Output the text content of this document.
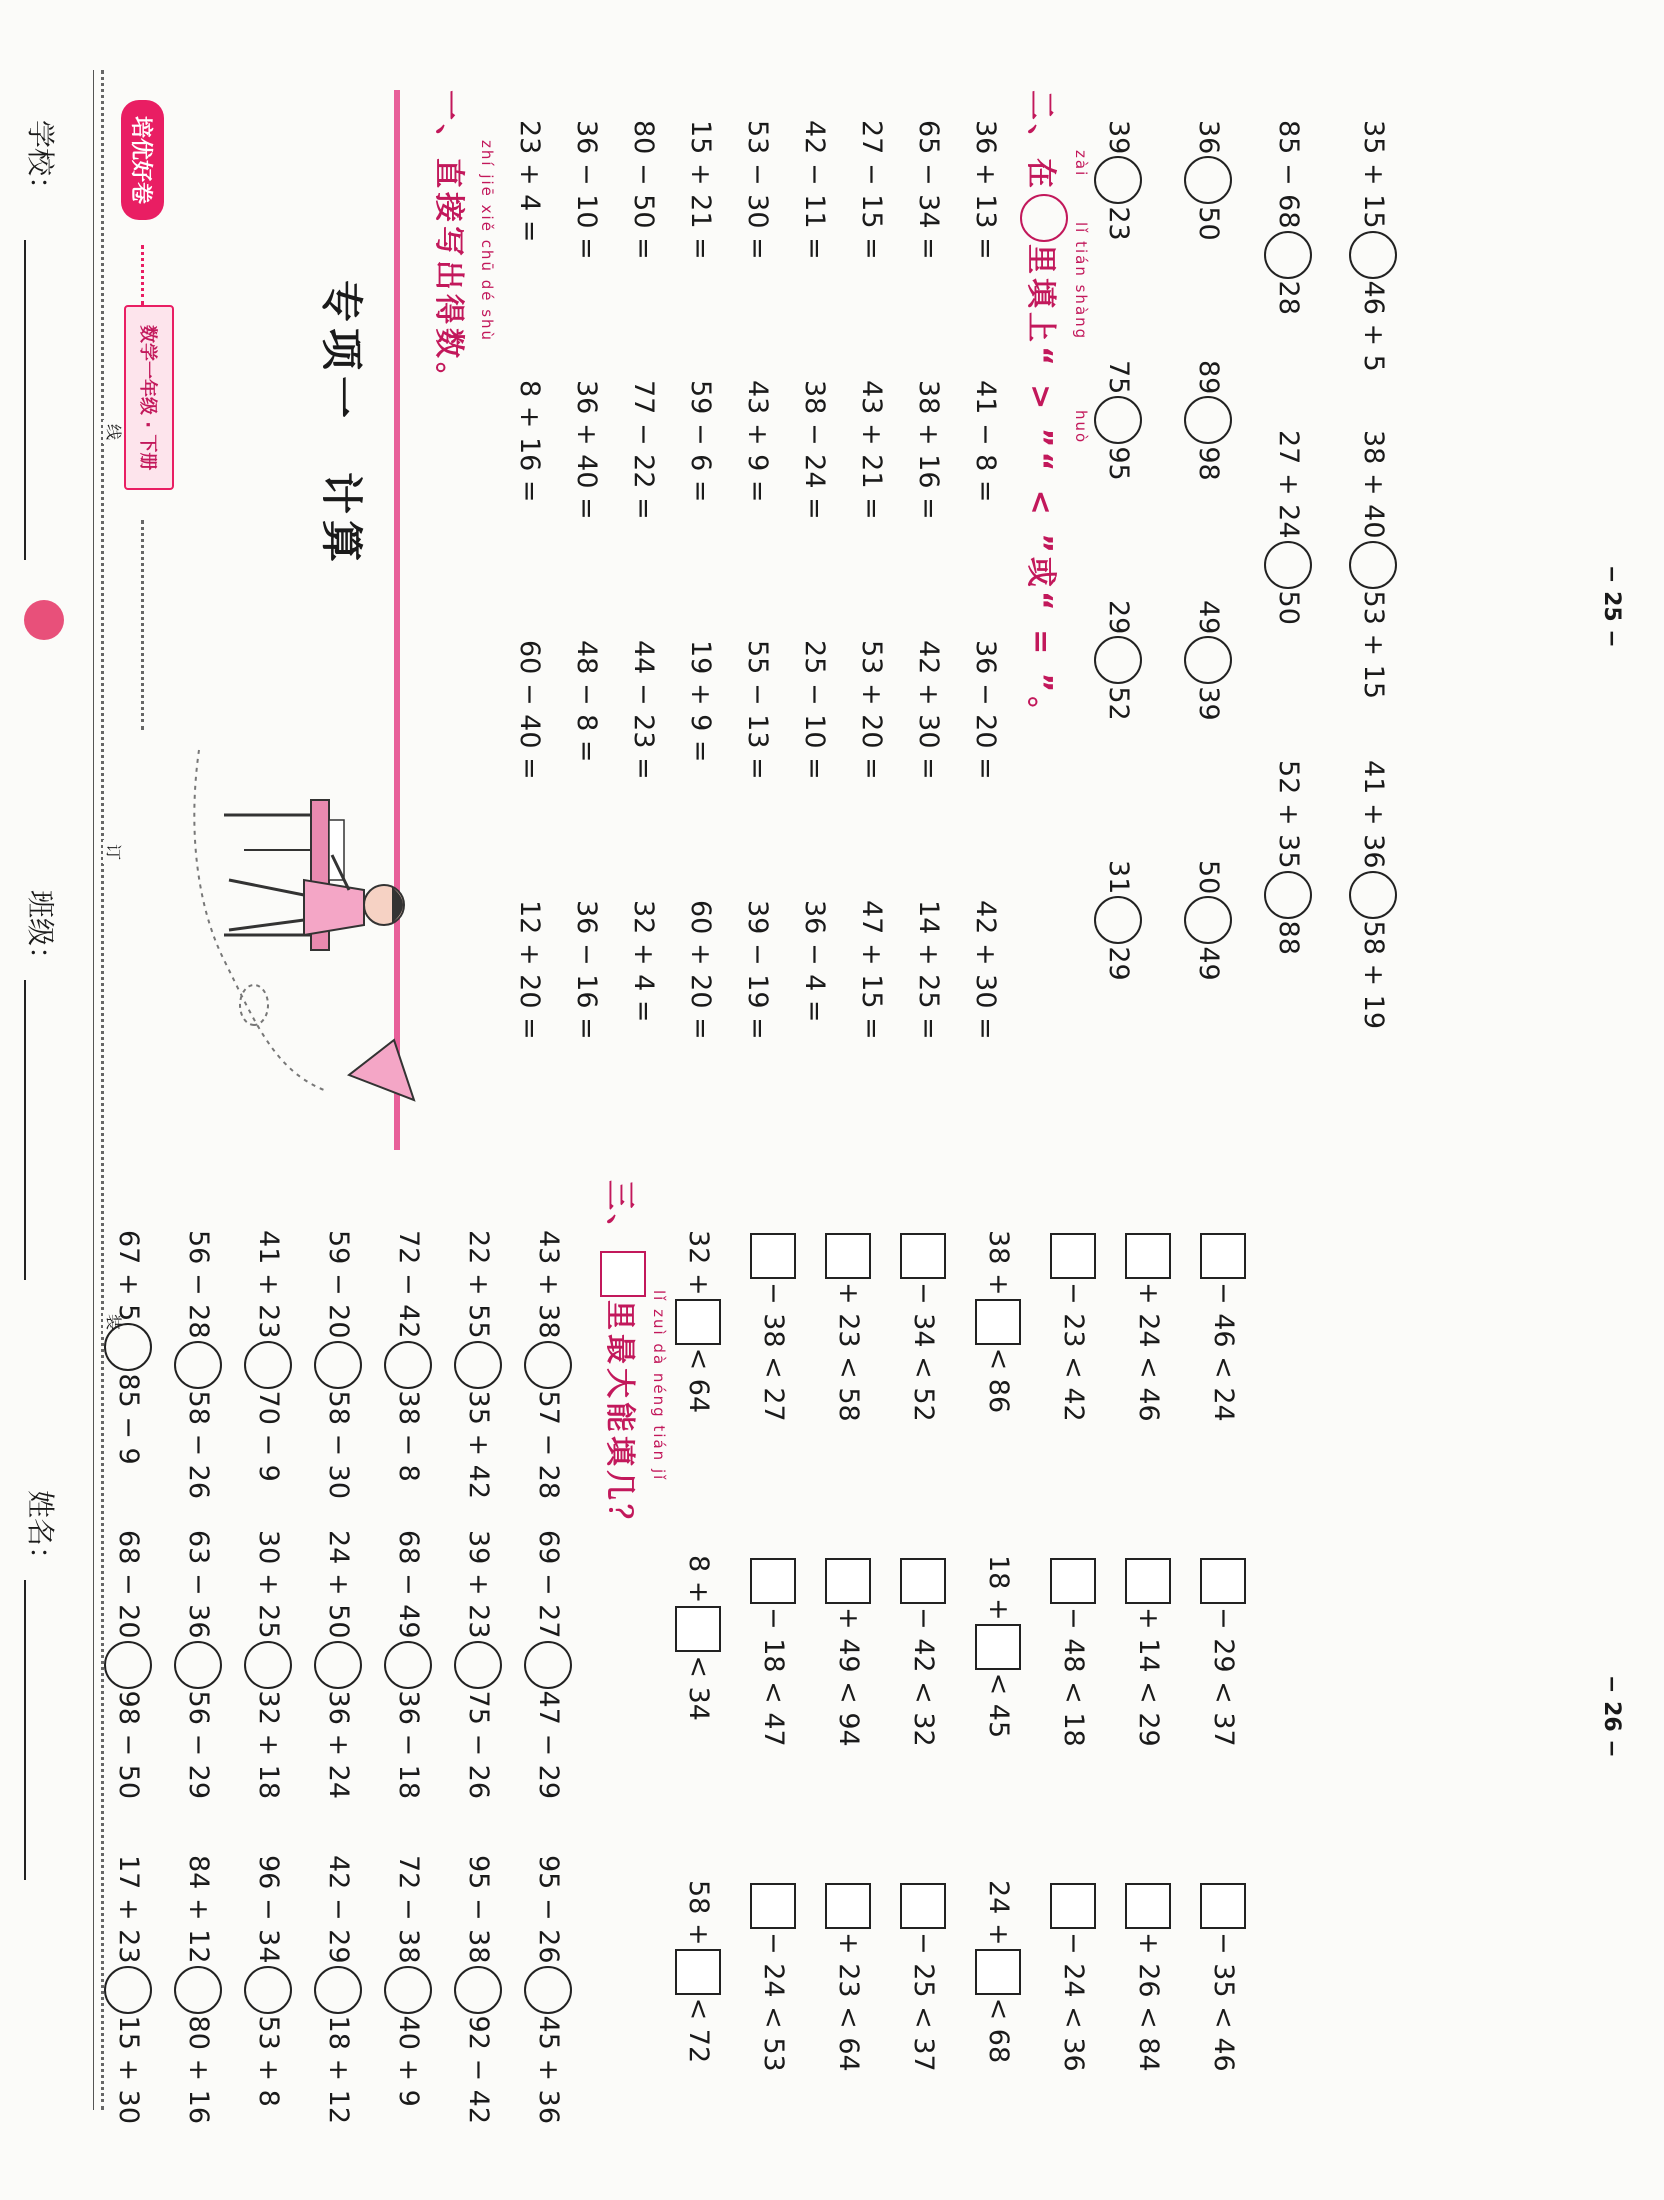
学校：
班级：
姓名：
装
订
线
培优好卷
数学一年级 · 下册	专项一　计算
− 25 −
− 26 −
一、
直接写出得数。 zhí jiē xiě chū dé shù 23 + 4 =
8 + 16 =
60 − 40 =
12 + 20 =
36 − 10 =
36 + 40 =
48 − 8 =
36 − 16 =
80 − 50 =
77 − 22 =
44 − 23 =
32 + 4 =
15 + 21 =
59 − 6 =
19 + 9 =
60 + 20 =
53 − 30 =
43 + 9 =
55 − 13 =
39 − 19 =
42 − 11 =
38 − 24 =
25 − 10 =
36 − 4 =
27 − 15 =
43 + 21 =
53 + 20 =
47 + 15 =
65 − 34 =
38 + 16 =
42 + 30 =
14 + 25 =
36 + 13 =
41 − 8 =
36 − 20 =
42 + 30 =
二、在
里填上
“ > ”“ < ”或“ = ”。
zài
lǐ tián shàng
huò
39
23
75
95
29
52
31
29
36
50
89
98
49
39
50
49
85 − 68
28
27 + 24
50
52 + 35
88
35 + 15
46 + 5
38 + 40
53 + 15
41 + 36
58 + 19
67 + 5
85 − 9
68 − 20
98 − 50
17 + 23
15 + 30
56 − 28
58 − 26
63 − 36
56 − 29
84 + 12
80 + 16
41 + 23
70 − 9
30 + 25
32 + 18
96 − 34
53 + 8
59 − 20
58 − 30
24 + 50
36 + 24
42 − 29
18 + 12
72 − 42
38 − 8
68 − 49
36 − 18
72 − 38
40 + 9
22 + 55
35 + 42
39 + 23
75 − 26
95 − 38
92 − 42
43 + 38
57 − 28
69 − 27
47 − 29
95 − 26
45 + 36
三、
里最大能填几？ lǐ zuì dà néng tián jǐ
32 +
< 64
8 +
< 34
58 +
< 72
− 38 < 27
− 18 < 47
− 24 < 53
+ 23 < 58
+ 49 < 94
+ 23 < 64
− 34 < 52
− 42 < 32
− 25 < 37
38 +
< 86
18 +
< 45
24 +
< 68
− 23 < 42
− 48 < 18
− 24 < 36
+ 24 < 46
+ 14 < 29
+ 26 < 84
− 46 < 24
− 29 < 37
− 35 < 46
